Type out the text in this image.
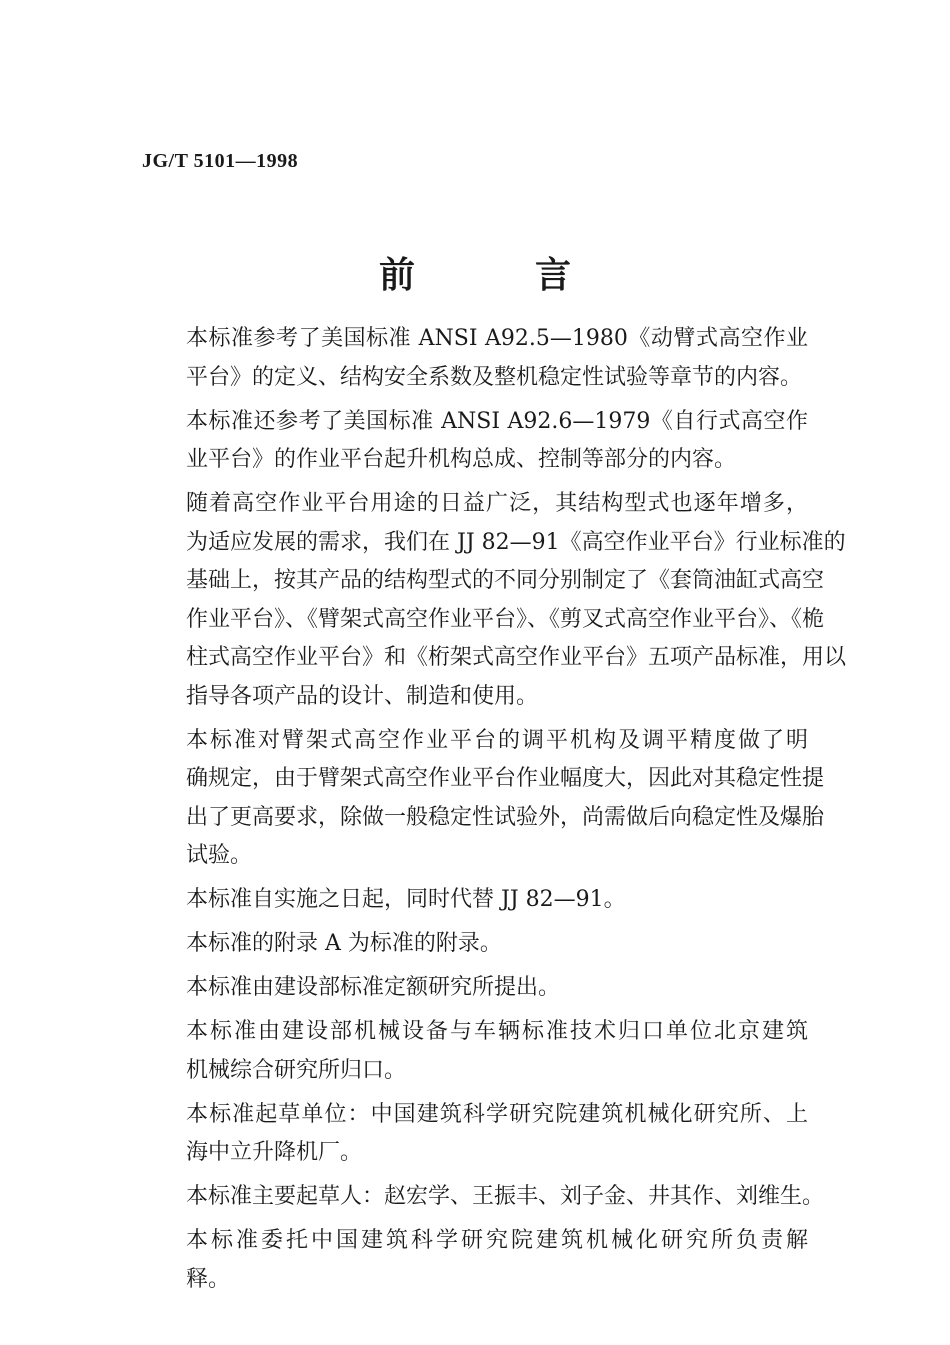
JG/T 5101—1998
前言

本标准参考了美国标准 ANSI A92.5—1980《动臂式高空作业
平台》的定义、结构安全系数及整机稳定性试验等章节的内容。

本标准还参考了美国标准 ANSI A92.6—1979《自行式高空作
业平台》的作业平台起升机构总成、控制等部分的内容。

随着高空作业平台用途的日益广泛，其结构型式也逐年增多，
为适应发展的需求，我们在 JJ 82—91《高空作业平台》行业标准的
基础上，按其产品的结构型式的不同分别制定了《套筒油缸式高空
作业平台》、《臂架式高空作业平台》、《剪叉式高空作业平台》、《桅
柱式高空作业平台》和《桁架式高空作业平台》五项产品标准，用以
指导各项产品的设计、制造和使用。

本标准对臂架式高空作业平台的调平机构及调平精度做了明
确规定，由于臂架式高空作业平台作业幅度大，因此对其稳定性提
出了更高要求，除做一般稳定性试验外，尚需做后向稳定性及爆胎
试验。

本标准自实施之日起，同时代替 JJ 82—91。

本标准的附录 A 为标准的附录。

本标准由建设部标准定额研究所提出。

本标准由建设部机械设备与车辆标准技术归口单位北京建筑
机械综合研究所归口。

本标准起草单位：中国建筑科学研究院建筑机械化研究所、上
海中立升降机厂。

本标准主要起草人：赵宏学、王振丰、刘子金、井其作、刘维生。

本标准委托中国建筑科学研究院建筑机械化研究所负责解
释。
